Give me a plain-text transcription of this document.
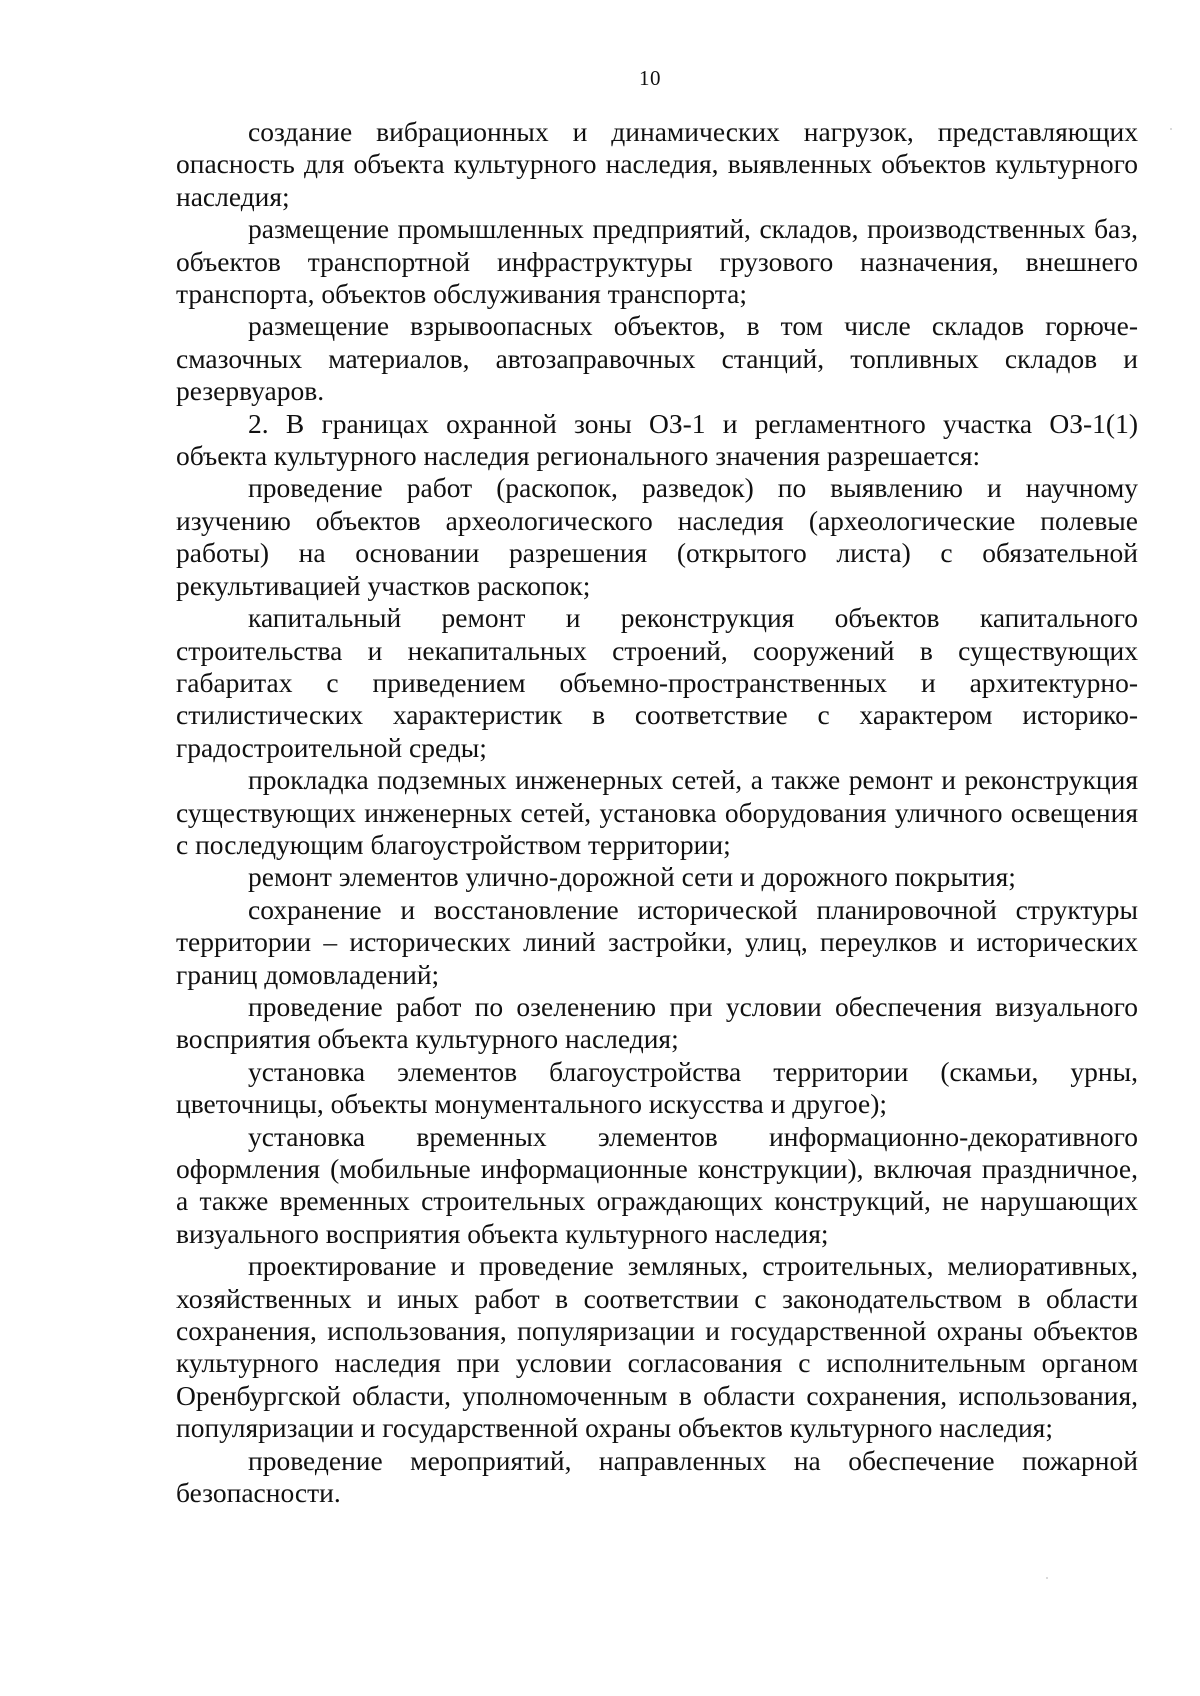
10

создание вибрационных и динамических нагрузок, представляющих опасность для объекта культурного наследия, выявленных объектов культурного наследия;

размещение промышленных предприятий, складов, производственных баз, объектов транспортной инфраструктуры грузового назначения, внешнего транспорта, объектов обслуживания транспорта;

размещение взрывоопасных объектов, в том числе складов горюче-смазочных материалов, автозаправочных станций, топливных складов и резервуаров.

2. В границах охранной зоны ОЗ-1 и регламентного участка ОЗ-1(1) объекта культурного наследия регионального значения разрешается:

проведение работ (раскопок, разведок) по выявлению и научному изучению объектов археологического наследия (археологические полевые работы) на основании разрешения (открытого листа) с обязательной рекультивацией участков раскопок;

капитальный ремонт и реконструкция объектов капитального строительства и некапитальных строений, сооружений в существующих габаритах с приведением объемно-пространственных и архитектурно-стилистических характеристик в соответствие с характером историко-градостроительной среды;

прокладка подземных инженерных сетей, а также ремонт и реконструкция существующих инженерных сетей, установка оборудования уличного освещения с последующим благоустройством территории;

ремонт элементов улично-дорожной сети и дорожного покрытия;

сохранение и восстановление исторической планировочной структуры территории – исторических линий застройки, улиц, переулков и исторических границ домовладений;

проведение работ по озеленению при условии обеспечения визуального восприятия объекта культурного наследия;

установка элементов благоустройства территории (скамьи, урны, цветочницы, объекты монументального искусства и другое);

установка временных элементов информационно-декоративного оформления (мобильные информационные конструкции), включая праздничное, а также временных строительных ограждающих конструкций, не нарушающих визуального восприятия объекта культурного наследия;

проектирование и проведение земляных, строительных, мелиоративных, хозяйственных и иных работ в соответствии с законодательством в области сохранения, использования, популяризации и государственной охраны объектов культурного наследия при условии согласования с исполнительным органом Оренбургской области, уполномоченным в области сохранения, использования, популяризации и государственной охраны объектов культурного наследия;

проведение мероприятий, направленных на обеспечение пожарной безопасности.
